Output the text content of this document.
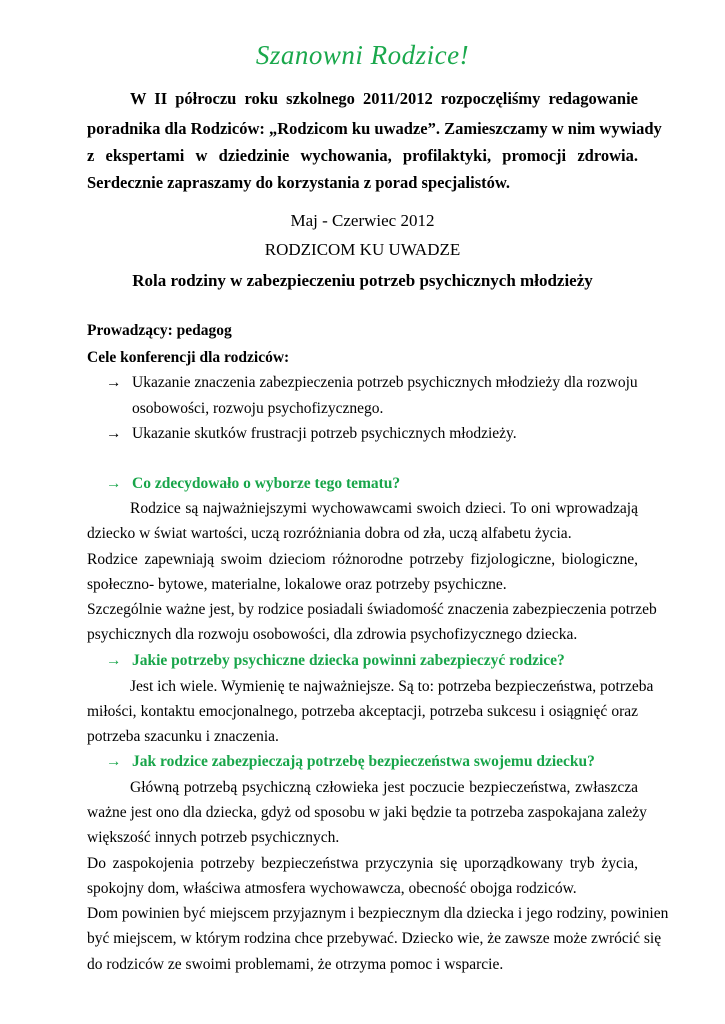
Szanowni Rodzice!
W II półroczu roku szkolnego 2011/2012 rozpoczęliśmy redagowanie
poradnika dla Rodziców: „Rodzicom ku uwadze”. Zamieszczamy w nim wywiady
z ekspertami w dziedzinie wychowania, profilaktyki, promocji zdrowia.
Serdecznie zapraszamy do korzystania z porad specjalistów.
Maj - Czerwiec 2012
RODZICOM KU UWADZE
Rola rodziny w zabezpieczeniu potrzeb psychicznych młodzieży
Prowadzący: pedagog
Cele konferencji dla rodziców:
→ Ukazanie znaczenia zabezpieczenia potrzeb psychicznych młodzieży dla rozwoju
osobowości, rozwoju psychofizycznego.
→ Ukazanie skutków frustracji potrzeb psychicznych młodzieży.
→ Co zdecydowało o wyborze tego tematu?
Rodzice są najważniejszymi wychowawcami swoich dzieci. To oni wprowadzają
dziecko w świat wartości, uczą rozróżniania dobra od zła, uczą alfabetu życia.
Rodzice zapewniają swoim dzieciom różnorodne potrzeby fizjologiczne, biologiczne,
społeczno- bytowe, materialne, lokalowe oraz potrzeby psychiczne.
Szczególnie ważne jest, by rodzice posiadali świadomość znaczenia zabezpieczenia potrzeb
psychicznych dla rozwoju osobowości, dla zdrowia psychofizycznego dziecka.
→ Jakie potrzeby psychiczne dziecka powinni zabezpieczyć rodzice?
Jest ich wiele. Wymienię te najważniejsze. Są to: potrzeba bezpieczeństwa, potrzeba
miłości, kontaktu emocjonalnego, potrzeba akceptacji, potrzeba sukcesu i osiągnięć oraz
potrzeba szacunku i znaczenia.
→ Jak rodzice zabezpieczają potrzebę bezpieczeństwa swojemu dziecku?
Główną potrzebą psychiczną człowieka jest poczucie bezpieczeństwa, zwłaszcza
ważne jest ono dla dziecka, gdyż od sposobu w jaki będzie ta potrzeba zaspokajana zależy
większość innych potrzeb psychicznych.
Do zaspokojenia potrzeby bezpieczeństwa przyczynia się uporządkowany tryb życia,
spokojny dom, właściwa atmosfera wychowawcza, obecność obojga rodziców.
Dom powinien być miejscem przyjaznym i bezpiecznym dla dziecka i jego rodziny, powinien
być miejscem, w którym rodzina chce przebywać. Dziecko wie, że zawsze może zwrócić się
do rodziców ze swoimi problemami, że otrzyma pomoc i wsparcie.
